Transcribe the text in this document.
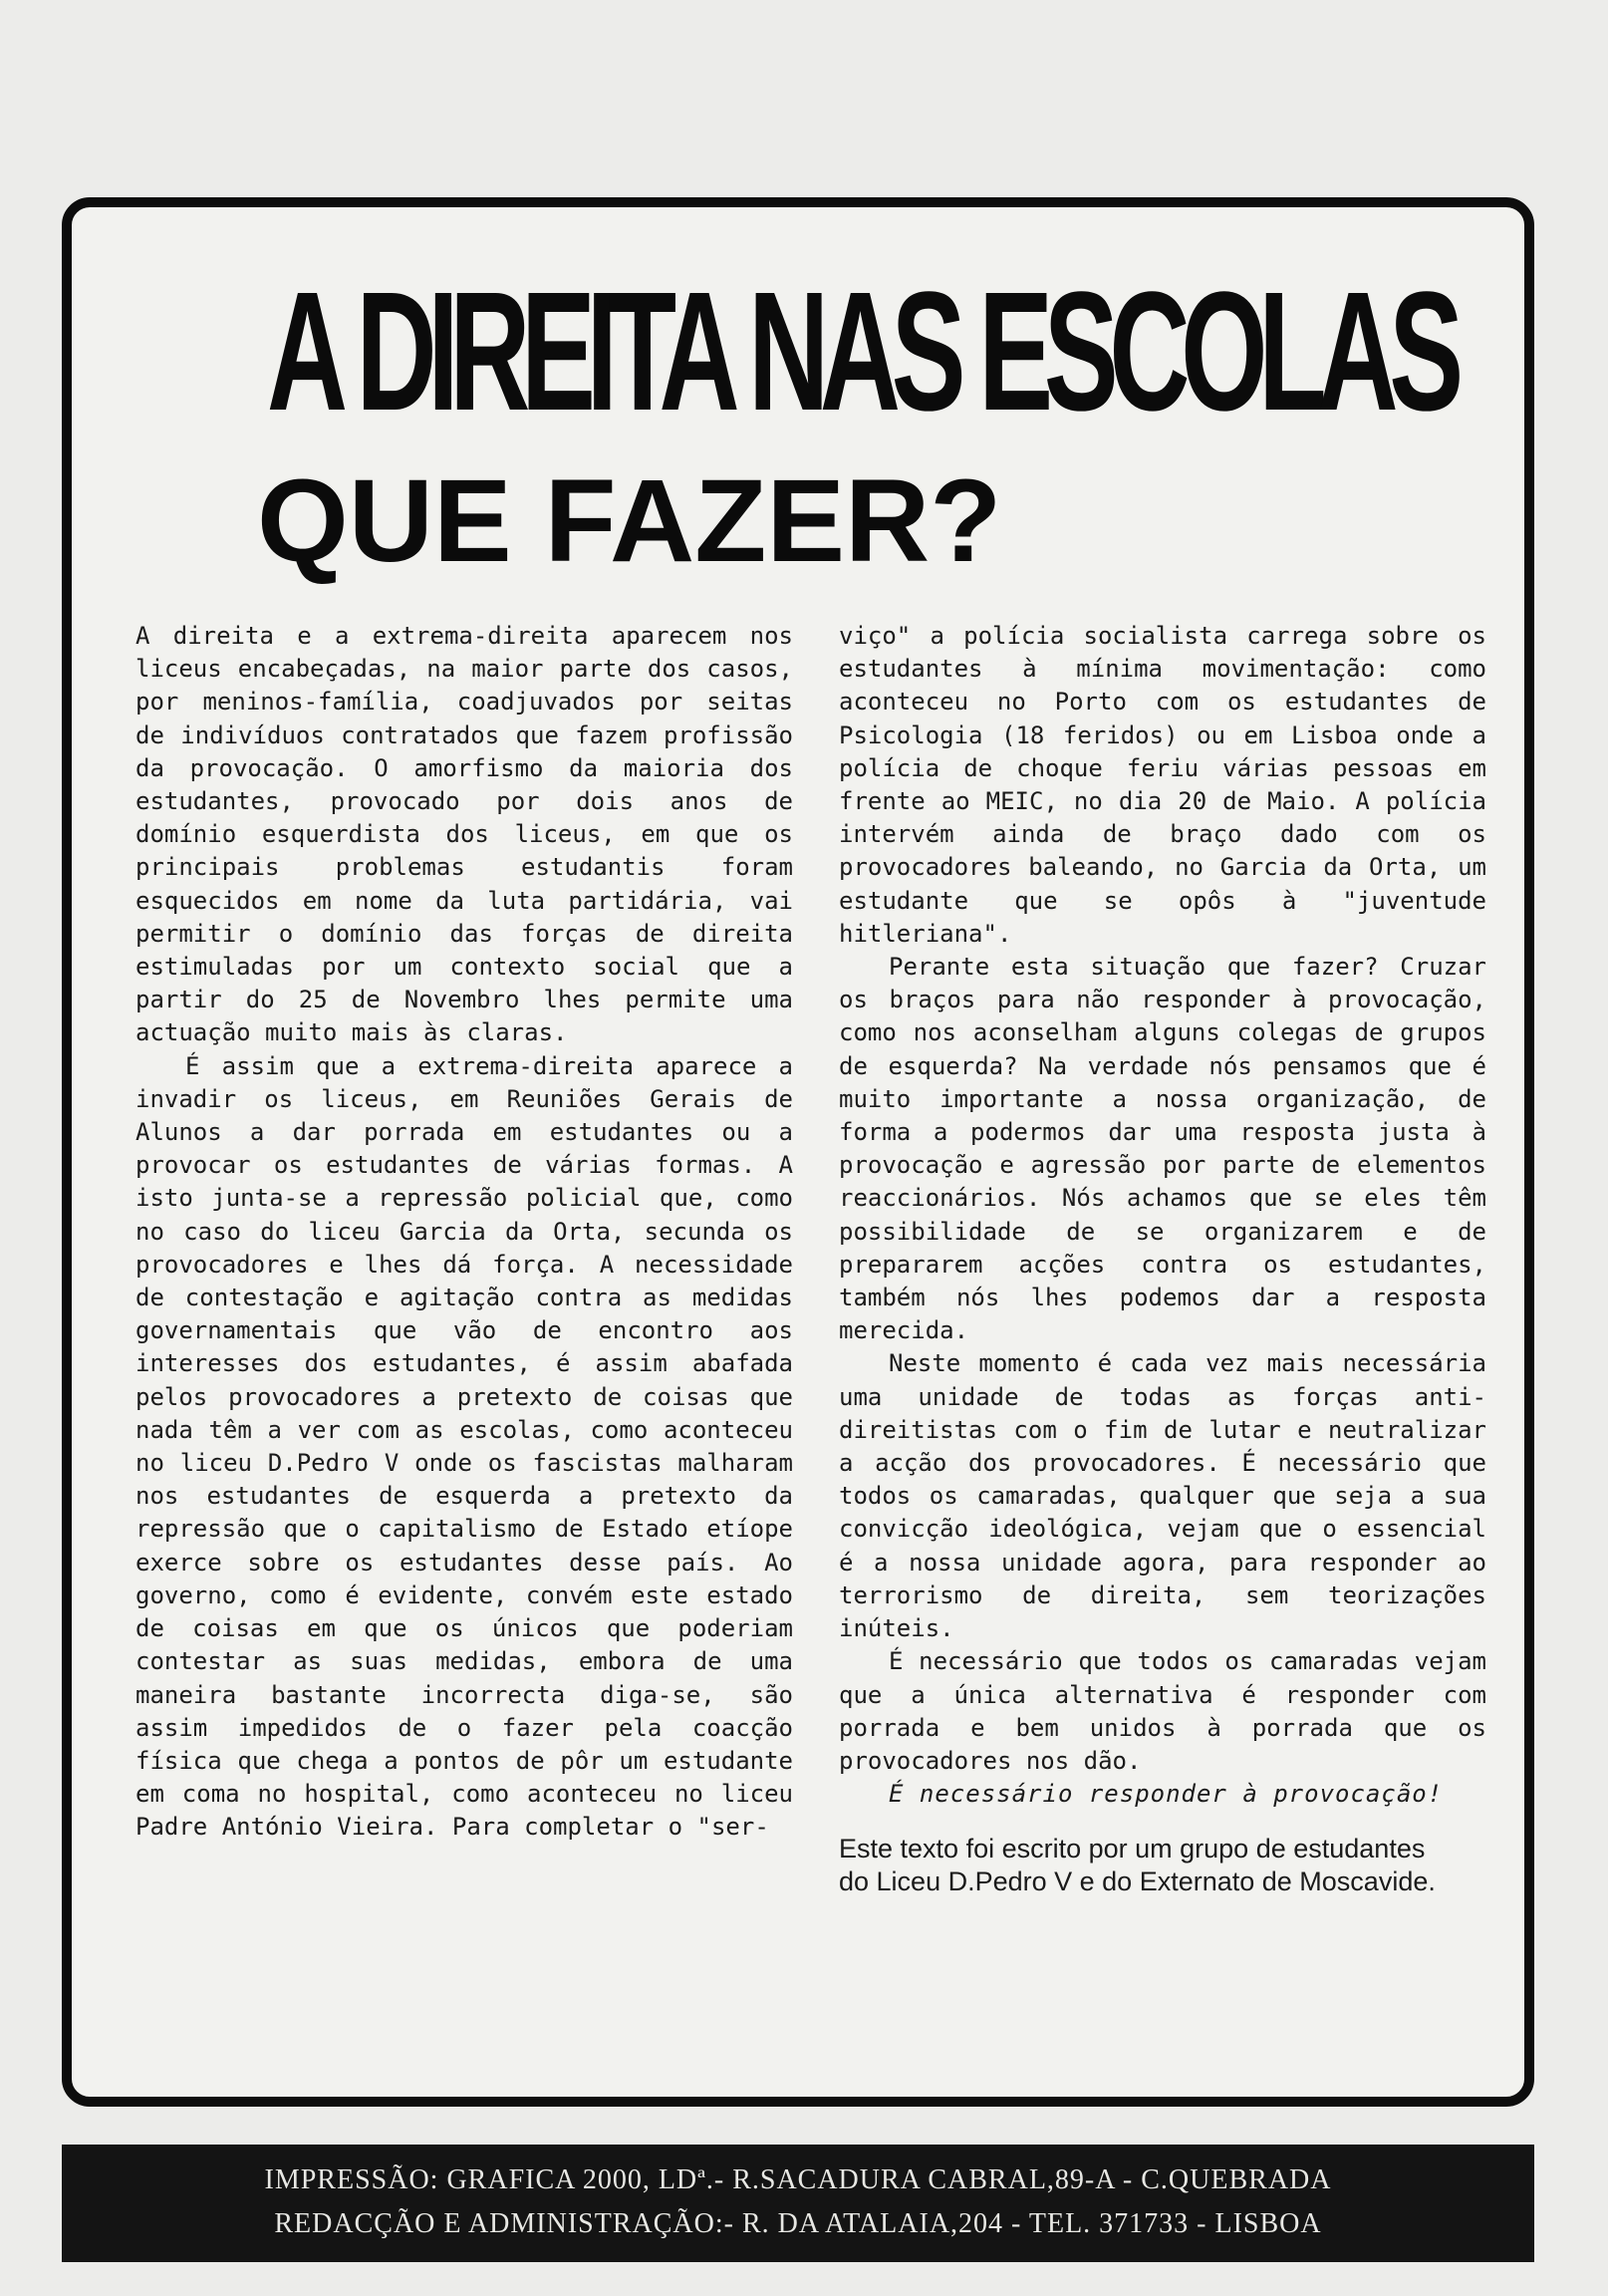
A DIREITA NAS ESCOLAS
QUE FAZER?

A direita e a extrema-direita aparecem nos liceus encabeçadas, na maior parte dos casos, por meninos-família, coadjuvados por seitas de indivíduos contratados que fazem profissão da provocação. O amorfismo da maioria dos estudantes, provocado por dois anos de domínio esquerdista dos liceus, em que os principais problemas estudantis foram esquecidos em nome da luta partidária, vai permitir o domínio das forças de direita estimuladas por um contexto social que a partir do 25 de Novembro lhes permite uma actuação muito mais às claras.

É assim que a extrema-direita aparece a invadir os liceus, em Reuniões Gerais de Alunos a dar porrada em estudantes ou a provocar os estudantes de várias formas. A isto junta-se a repressão policial que, como no caso do liceu Garcia da Orta, secunda os provocadores e lhes dá força. A necessidade de contestação e agitação contra as medidas governamentais que vão de encontro aos interesses dos estudantes, é assim abafada pelos provocadores a pretexto de coisas que nada têm a ver com as escolas, como aconteceu no liceu D.Pedro V onde os fascistas malharam nos estudantes de esquerda a pretexto da repressão que o capitalismo de Estado etíope exerce sobre os estudantes desse país. Ao governo, como é evidente, convém este estado de coisas em que os únicos que poderiam contestar as suas medidas, embora de uma maneira bastante incorrecta diga-se, são assim impedidos de o fazer pela coacção física que chega a pontos de pôr um estudante em coma no hospital, como aconteceu no liceu Padre António Vieira. Para completar o "ser-

viço" a polícia socialista carrega sobre os estudantes à mínima movimentação: como aconteceu no Porto com os estudantes de Psicologia (18 feridos) ou em Lisboa onde a polícia de choque feriu várias pessoas em frente ao MEIC, no dia 20 de Maio. A polícia intervém ainda de braço dado com os provocadores baleando, no Garcia da Orta, um estudante que se opôs à "juventude hitleriana".

Perante esta situação que fazer? Cruzar os braços para não responder à provocação, como nos aconselham alguns colegas de grupos de esquerda? Na verdade nós pensamos que é muito importante a nossa organização, de forma a podermos dar uma resposta justa à provocação e agressão por parte de elementos reaccionários. Nós achamos que se eles têm possibilidade de se organizarem e de prepararem acções contra os estudantes, também nós lhes podemos dar a resposta merecida.

Neste momento é cada vez mais necessária uma unidade de todas as forças anti-direitistas com o fim de lutar e neutralizar a acção dos provocadores. É necessário que todos os camaradas, qualquer que seja a sua convicção ideológica, vejam que o essencial é a nossa unidade agora, para responder ao terrorismo de direita, sem teorizações inúteis.

É necessário que todos os camaradas vejam que a única alternativa é responder com porrada e bem unidos à porrada que os provocadores nos dão.

É necessário responder à provocação!

Este texto foi escrito por um grupo de estudantes do Liceu D.Pedro V e do Externato de Moscavide.
IMPRESSÃO: GRAFICA 2000, LDª.- R.SACADURA CABRAL,89-A - C.QUEBRADA
REDACÇÃO E ADMINISTRAÇÃO:- R. DA ATALAIA,204 - TEL. 371733 - LISBOA
